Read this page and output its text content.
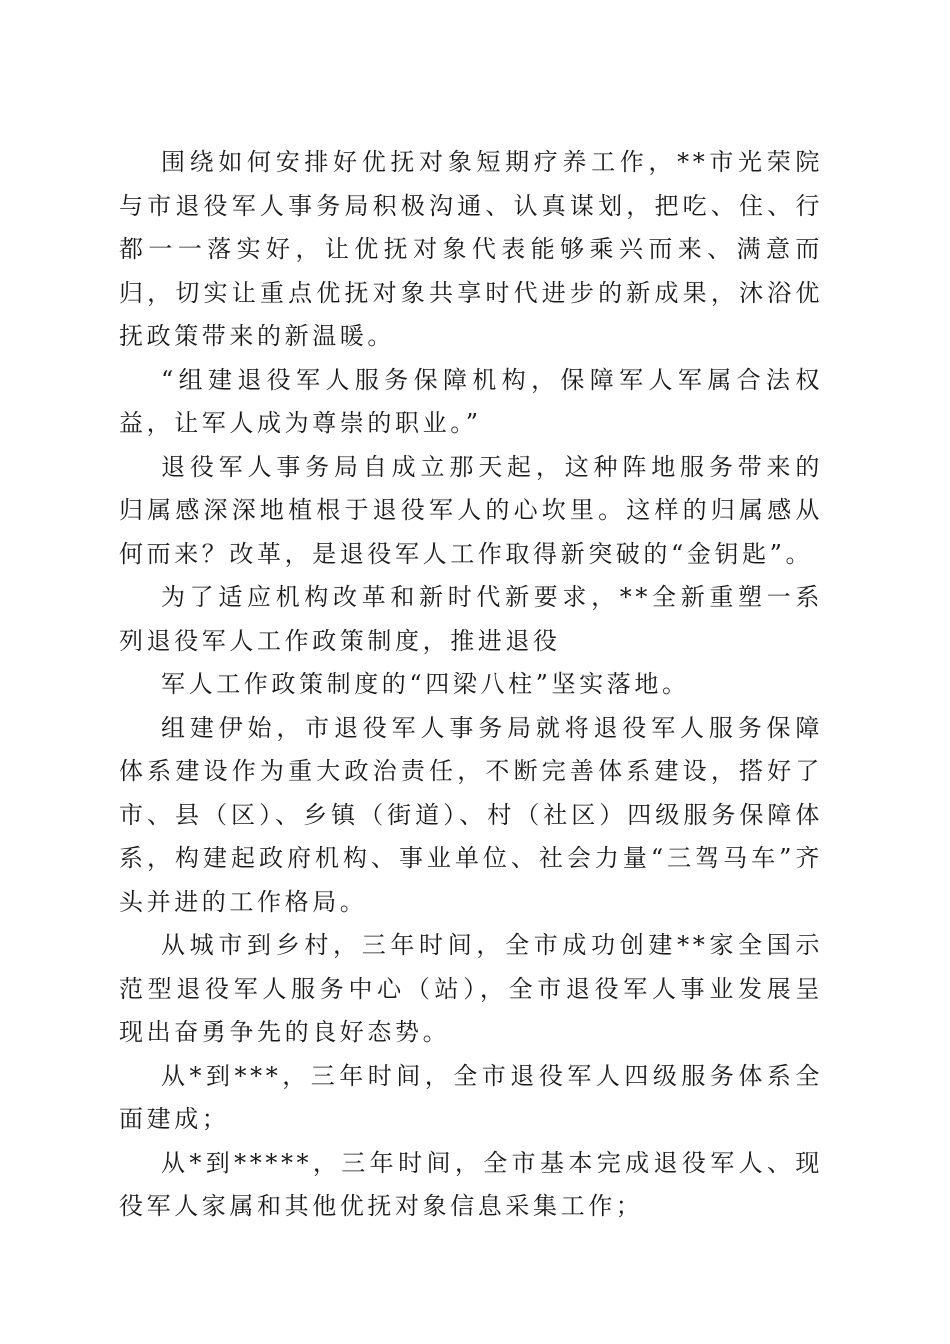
围绕如何安排好优抚对象短期疗养工作，**市光荣院与市退役军人事务局积极沟通、认真谋划，把吃、住、行都一一落实好，让优抚对象代表能够乘兴而来、满意而归，切实让重点优抚对象共享时代进步的新成果，沐浴优抚政策带来的新温暖。

“组建退役军人服务保障机构，保障军人军属合法权益，让军人成为尊崇的职业。”

退役军人事务局自成立那天起，这种阵地服务带来的归属感深深地植根于退役军人的心坎里。这样的归属感从何而来？改革，是退役军人工作取得新突破的“金钥匙”。

为了适应机构改革和新时代新要求，**全新重塑一系列退役军人工作政策制度，推进退役

军人工作政策制度的“四梁八柱”坚实落地。

组建伊始，市退役军人事务局就将退役军人服务保障体系建设作为重大政治责任，不断完善体系建设，搭好了市、县（区）、乡镇（街道）、村（社区）四级服务保障体系，构建起政府机构、事业单位、社会力量“三驾马车”齐头并进的工作格局。

从城市到乡村，三年时间，全市成功创建**家全国示范型退役军人服务中心（站），全市退役军人事业发展呈现出奋勇争先的良好态势。

从*到***，三年时间，全市退役军人四级服务体系全面建成；

从*到*****，三年时间，全市基本完成退役军人、现役军人家属和其他优抚对象信息采集工作；
